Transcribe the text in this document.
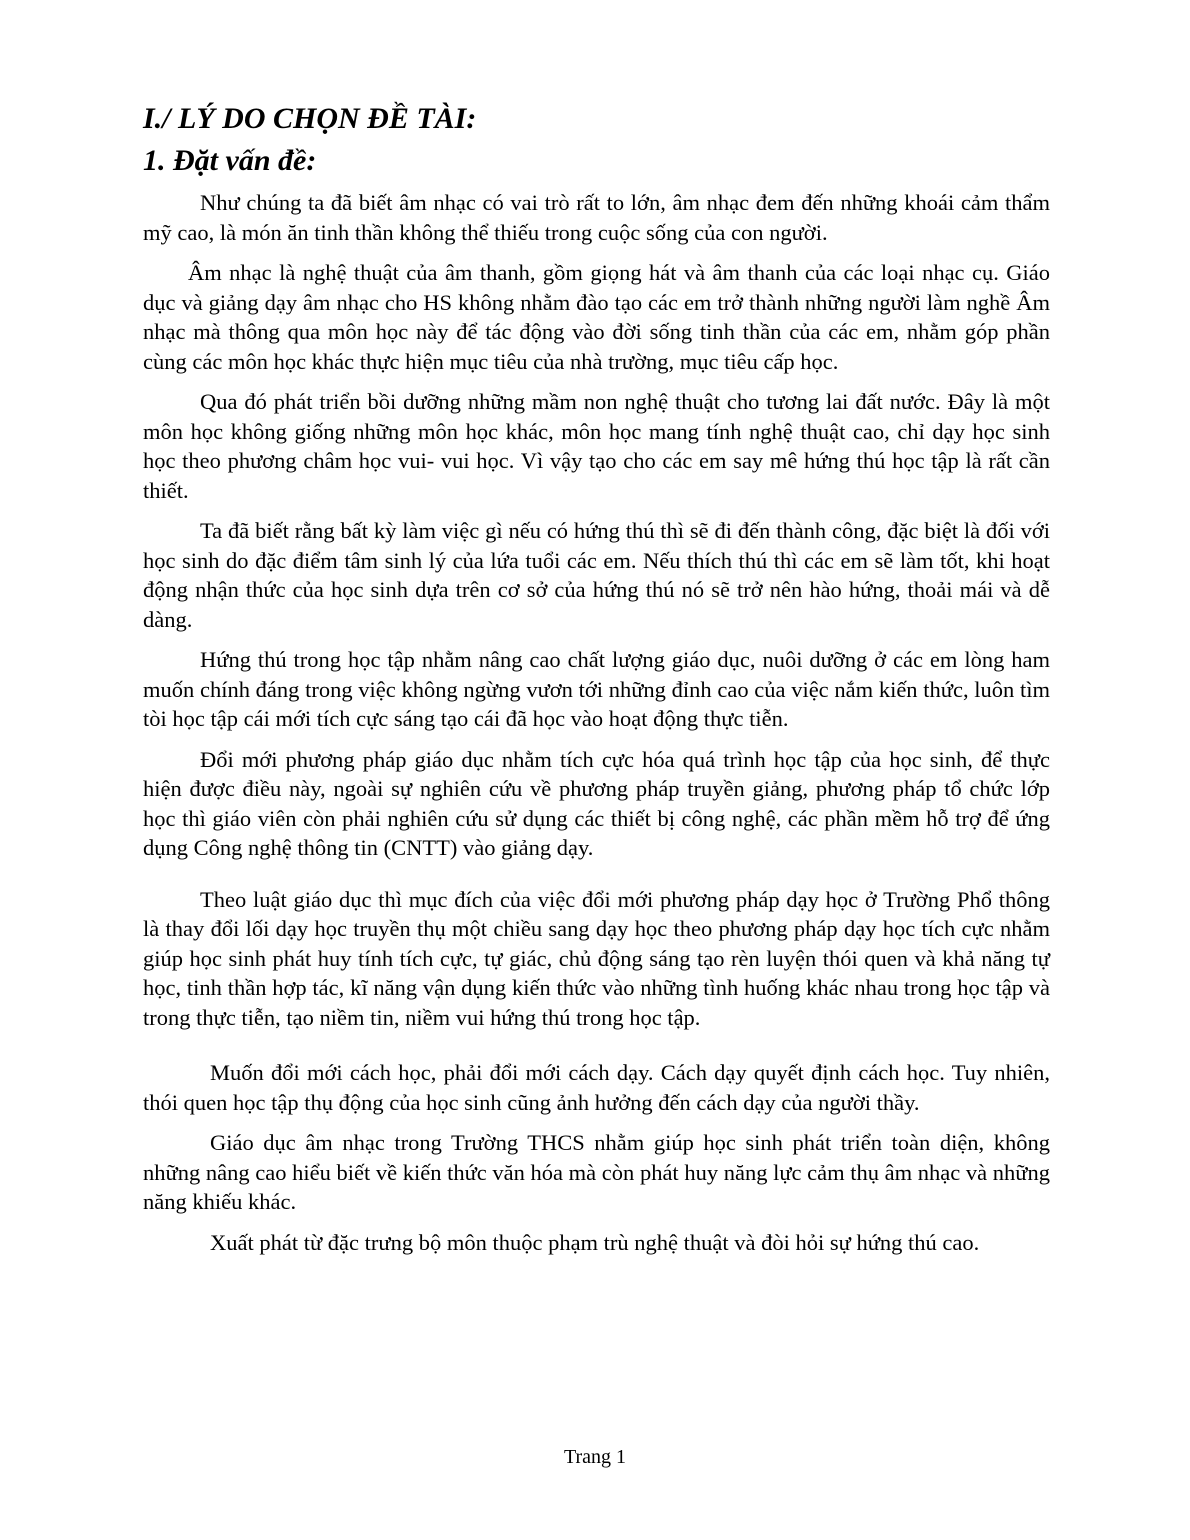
I./ LÝ DO CHỌN ĐỀ TÀI:
1. Đặt vấn đề:

Như chúng ta đã biết âm nhạc có vai trò rất to lớn, âm nhạc đem đến những khoái cảm thẩm mỹ cao, là món ăn tinh thần không thể thiếu trong cuộc sống của con người.

Âm nhạc là nghệ thuật của âm thanh, gồm giọng hát và âm thanh của các loại nhạc cụ. Giáo dục và giảng dạy âm nhạc cho HS không nhằm đào tạo các em trở thành những người làm nghề Âm nhạc mà thông qua môn học này để tác động vào đời sống tinh thần của các em, nhằm góp phần cùng các môn học khác thực hiện mục tiêu của nhà trường, mục tiêu cấp học.

Qua đó phát triển bồi dưỡng những mầm non nghệ thuật cho tương lai đất nước. Đây là một môn học không giống những môn học khác, môn học mang tính nghệ thuật cao, chỉ dạy học sinh học theo phương châm học vui- vui học. Vì vậy tạo cho các em say mê hứng thú học tập là rất cần thiết.

Ta đã biết rằng bất kỳ làm việc gì nếu có hứng thú thì sẽ đi đến thành công, đặc biệt là đối với học sinh do đặc điểm tâm sinh lý của lứa tuổi các em. Nếu thích thú thì các em sẽ làm tốt, khi hoạt động nhận thức của học sinh dựa trên cơ sở của hứng thú nó sẽ trở nên hào hứng, thoải mái và dễ dàng.

Hứng thú trong học tập nhằm nâng cao chất lượng giáo dục, nuôi dưỡng ở các em lòng ham muốn chính đáng trong việc không ngừng vươn tới những đỉnh cao của việc nắm kiến thức, luôn tìm tòi học tập cái mới tích cực sáng tạo cái đã học vào hoạt động thực tiễn.

Đổi mới phương pháp giáo dục nhằm tích cực hóa quá trình học tập của học sinh, để thực hiện được điều này, ngoài sự nghiên cứu về phương pháp truyền giảng, phương pháp tổ chức lớp học thì giáo viên còn phải nghiên cứu sử dụng các thiết bị công nghệ, các phần mềm hỗ trợ để ứng dụng Công nghệ thông tin (CNTT) vào giảng dạy.

Theo luật giáo dục thì mục đích của việc đổi mới phương pháp dạy học ở Trường Phổ thông là thay đổi lối dạy học truyền thụ một chiều sang dạy học theo phương pháp dạy học tích cực nhằm giúp học sinh phát huy tính tích cực, tự giác, chủ động sáng tạo rèn luyện thói quen và khả năng tự học, tinh thần hợp tác, kĩ năng vận dụng kiến thức vào những tình huống khác nhau trong học tập và trong thực tiễn, tạo niềm tin, niềm vui hứng thú trong học tập.

Muốn đổi mới cách học, phải đổi mới cách dạy. Cách dạy quyết định cách học. Tuy nhiên, thói quen học tập thụ động của học sinh cũng ảnh hưởng đến cách dạy của người thầy.

Giáo dục âm nhạc trong Trường THCS nhằm giúp học sinh phát triển toàn diện, không những nâng cao hiểu biết về kiến thức văn hóa mà còn phát huy năng lực cảm thụ âm nhạc và những năng khiếu khác.

Xuất phát từ đặc trưng bộ môn thuộc phạm trù nghệ thuật và đòi hỏi sự hứng thú cao.

Trang 1
